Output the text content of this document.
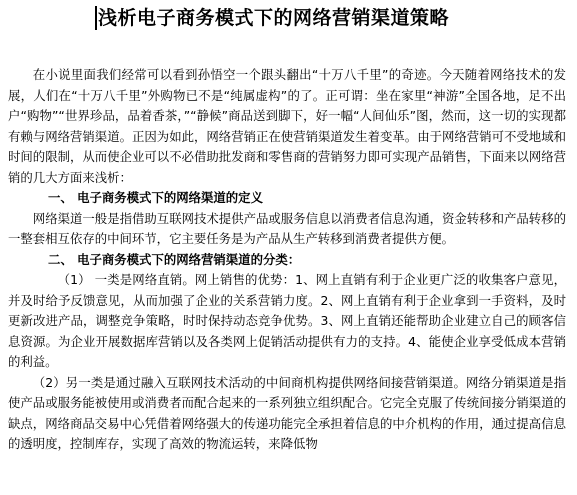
浅析电子商务模式下的网络营销渠道策略

在小说里面我们经常可以看到孙悟空一个跟头翻出“十万八千里”的奇迹。今天随着网络技术的发展，人们在“十万八千里”外购物已不是“纯属虚构”的了。正可谓：坐在家里“神游”全国各地，足不出户“购物”“世界珍品，品着香茶，”“静候”商品送到脚下，好一幅“人间仙乐”图，然而，这一切的实现都有赖与网络营销渠道。正因为如此，网络营销正在使营销渠道发生着变革。由于网络营销可不受地域和时间的限制，从而使企业可以不必借助批发商和零售商的营销努力即可实现产品销售，下面来以网络营销的几大方面来浅析：

一、 电子商务模式下的网络渠道的定义

网络渠道一般是指借助互联网技术提供产品或服务信息以消费者信息沟通，资金转移和产品转移的一整套相互依存的中间环节，它主要任务是为产品从生产转移到消费者提供方便。

二、 电子商务模式下的网络营销渠道的分类：

（1） 一类是网络直销。网上销售的优势：1、网上直销有利于企业更广泛的收集客户意见，并及时给予反馈意见，从而加强了企业的关系营销力度。2、网上直销有利于企业拿到一手资料，及时更新改进产品，调整竞争策略，时时保持动态竞争优势。3、网上直销还能帮助企业建立自己的顾客信息资源。为企业开展数据库营销以及各类网上促销活动提供有力的支持。4、能使企业享受低成本营销的利益。

（2）另一类是通过融入互联网技术活动的中间商机构提供网络间接营销渠道。网络分销渠道是指使产品或服务能被使用或消费者而配合起来的一系列独立组织配合。它完全克服了传统间接分销渠道的缺点，网络商品交易中心凭借着网络强大的传递功能完全承担着信息的中介机构的作用，通过提高信息的透明度，控制库存，实现了高效的物流运转，来降低物
